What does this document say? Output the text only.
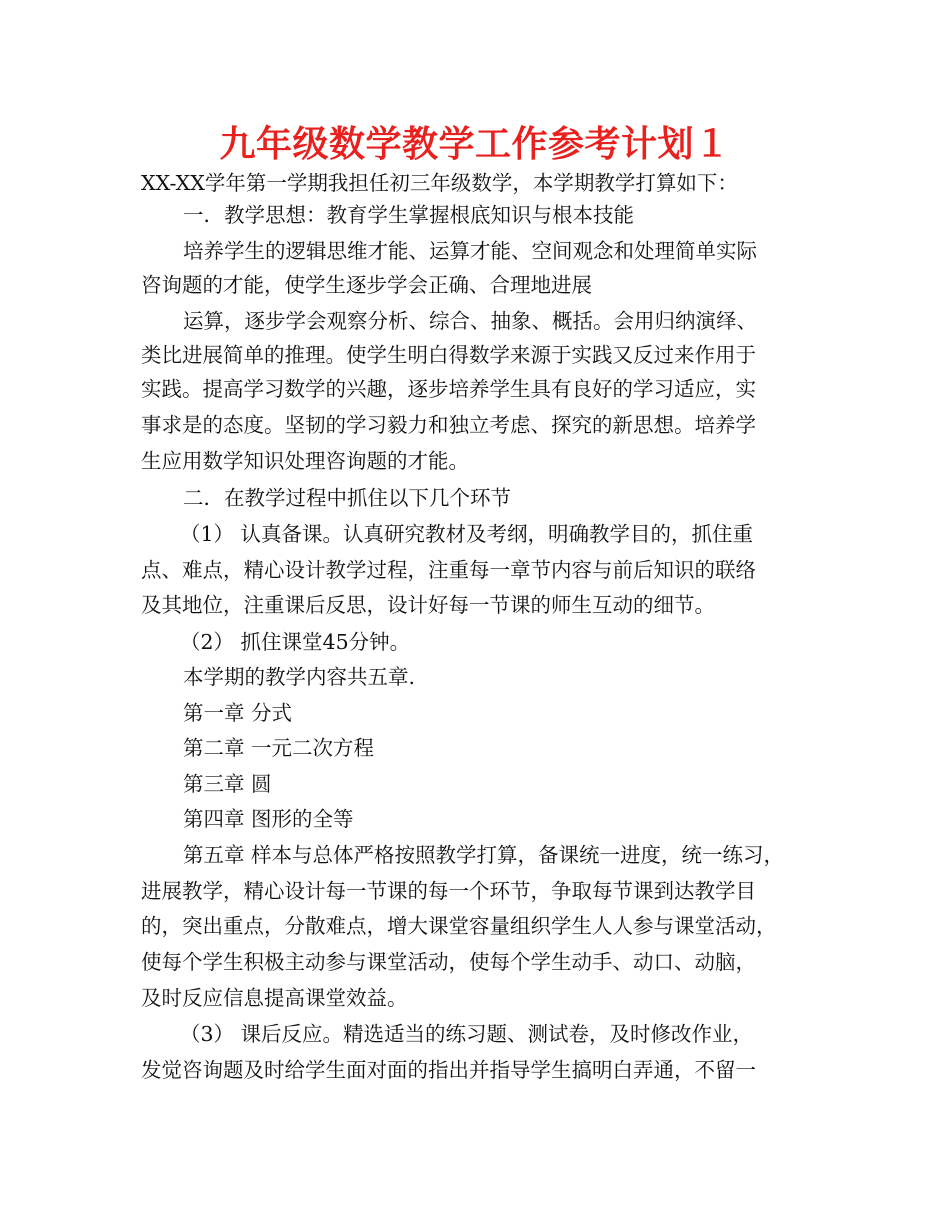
九年级数学教学工作参考计划１
XX-XX学年第一学期我担任初三年级数学，本学期教学打算如下：
一．教学思想：教育学生掌握根底知识与根本技能
培养学生的逻辑思维才能、运算才能、空间观念和处理简单实际
咨询题的才能，使学生逐步学会正确、合理地进展
运算，逐步学会观察分析、综合、抽象、概括。会用归纳演绎、
类比进展简单的推理。使学生明白得数学来源于实践又反过来作用于
实践。提高学习数学的兴趣，逐步培养学生具有良好的学习适应，实
事求是的态度。坚韧的学习毅力和独立考虑、探究的新思想。培养学
生应用数学知识处理咨询题的才能。
二．在教学过程中抓住以下几个环节
（1） 认真备课。认真研究教材及考纲，明确教学目的，抓住重
点、难点，精心设计教学过程，注重每一章节内容与前后知识的联络
及其地位，注重课后反思，设计好每一节课的师生互动的细节。
（2） 抓住课堂45分钟。
本学期的教学内容共五章.
第一章 分式
第二章 一元二次方程
第三章 圆
第四章 图形的全等
第五章 样本与总体严格按照教学打算，备课统一进度，统一练习，
进展教学，精心设计每一节课的每一个环节，争取每节课到达教学目
的，突出重点，分散难点，增大课堂容量组织学生人人参与课堂活动，
使每个学生积极主动参与课堂活动，使每个学生动手、动口、动脑，
及时反应信息提高课堂效益。
（3） 课后反应。精选适当的练习题、测试卷，及时修改作业，
发觉咨询题及时给学生面对面的指出并指导学生搞明白弄通，不留一
